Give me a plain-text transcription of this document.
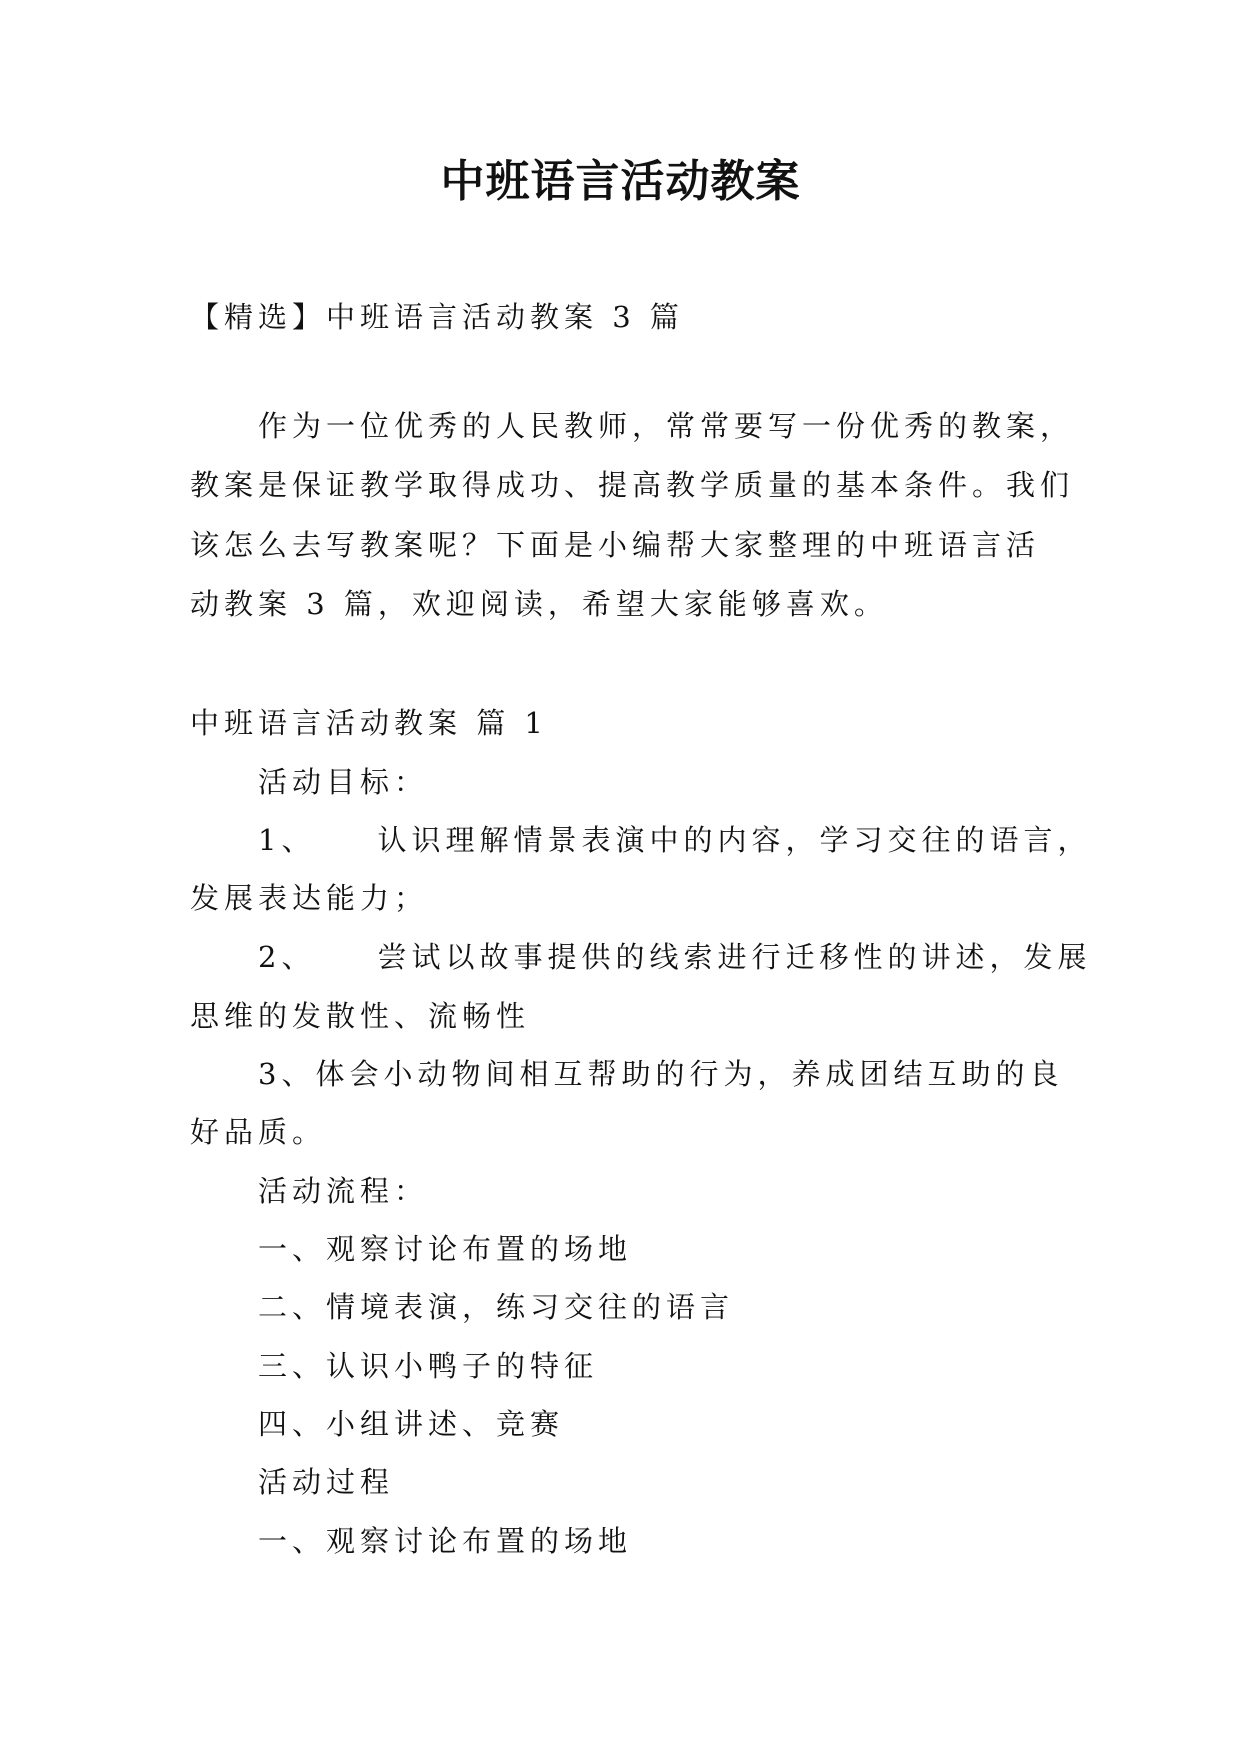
中班语言活动教案
【精选】中班语言活动教案 3 篇
作为一位优秀的人民教师，常常要写一份优秀的教案，
教案是保证教学取得成功、提高教学质量的基本条件。我们
该怎么去写教案呢？下面是小编帮大家整理的中班语言活
动教案 3 篇，欢迎阅读，希望大家能够喜欢。
中班语言活动教案 篇 1
活动目标：
1、 认识理解情景表演中的内容，学习交往的语言，
发展表达能力；
2、 尝试以故事提供的线索进行迁移性的讲述，发展
思维的发散性、流畅性
3、体会小动物间相互帮助的行为，养成团结互助的良
好品质。
活动流程：
一、观察讨论布置的场地
二、情境表演，练习交往的语言
三、认识小鸭子的特征
四、小组讲述、竞赛
活动过程
一、观察讨论布置的场地
